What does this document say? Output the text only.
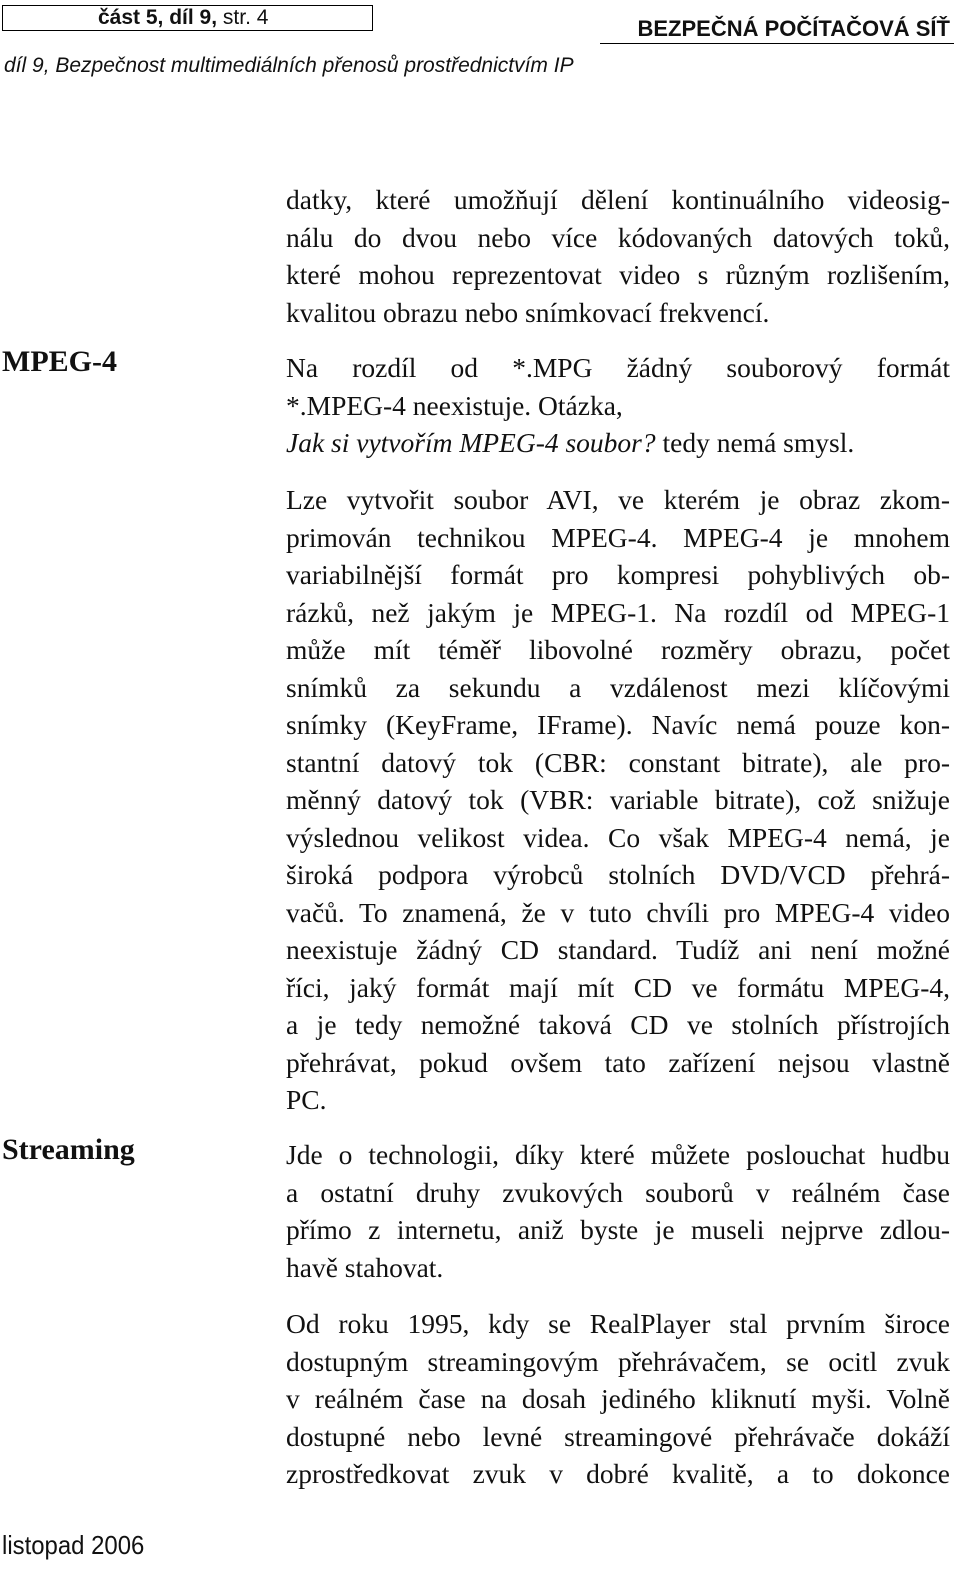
část 5, díl 9, str. 4	BEZPEČNÁ POČÍTAČOVÁ SÍŤ
díl 9, Bezpečnost multimediálních přenosů prostřednictvím IP
MPEG-4
Streaming
datky, které umožňují dělení kontinuálního videosig-
nálu do dvou nebo více kódovaných datových toků,
které mohou reprezentovat video s různým rozlišením,
kvalitou obrazu nebo snímkovací frekvencí.
Na rozdíl od *.MPG žádný souborový formát
*.MPEG-4 neexistuje. Otázka,
Jak si vytvořím MPEG-4 soubor? tedy nemá smysl.
Lze vytvořit soubor AVI, ve kterém je obraz zkom-
primován technikou MPEG-4. MPEG-4 je mnohem
variabilnější formát pro kompresi pohyblivých ob-
rázků, než jakým je MPEG-1. Na rozdíl od MPEG-1
může mít téměř libovolné rozměry obrazu, počet
snímků za sekundu a vzdálenost mezi klíčovými
snímky (KeyFrame, IFrame). Navíc nemá pouze kon-
stantní datový tok (CBR: constant bitrate), ale pro-
měnný datový tok (VBR: variable bitrate), což snižuje
výslednou velikost videa. Co však MPEG-4 nemá, je
široká podpora výrobců stolních DVD/VCD přehrá-
vačů. To znamená, že v tuto chvíli pro MPEG-4 video
neexistuje žádný CD standard. Tudíž ani není možné
říci, jaký formát mají mít CD ve formátu MPEG-4,
a je tedy nemožné taková CD ve stolních přístrojích
přehrávat, pokud ovšem tato zařízení nejsou vlastně
PC.
Jde o technologii, díky které můžete poslouchat hudbu
a ostatní druhy zvukových souborů v reálném čase
přímo z internetu, aniž byste je museli nejprve zdlou-
havě stahovat.
Od roku 1995, kdy se RealPlayer stal prvním široce
dostupným streamingovým přehrávačem, se ocitl zvuk
v reálném čase na dosah jediného kliknutí myši. Volně
dostupné nebo levné streamingové přehrávače dokáží
zprostředkovat zvuk v dobré kvalitě, a to dokonce
listopad 2006
